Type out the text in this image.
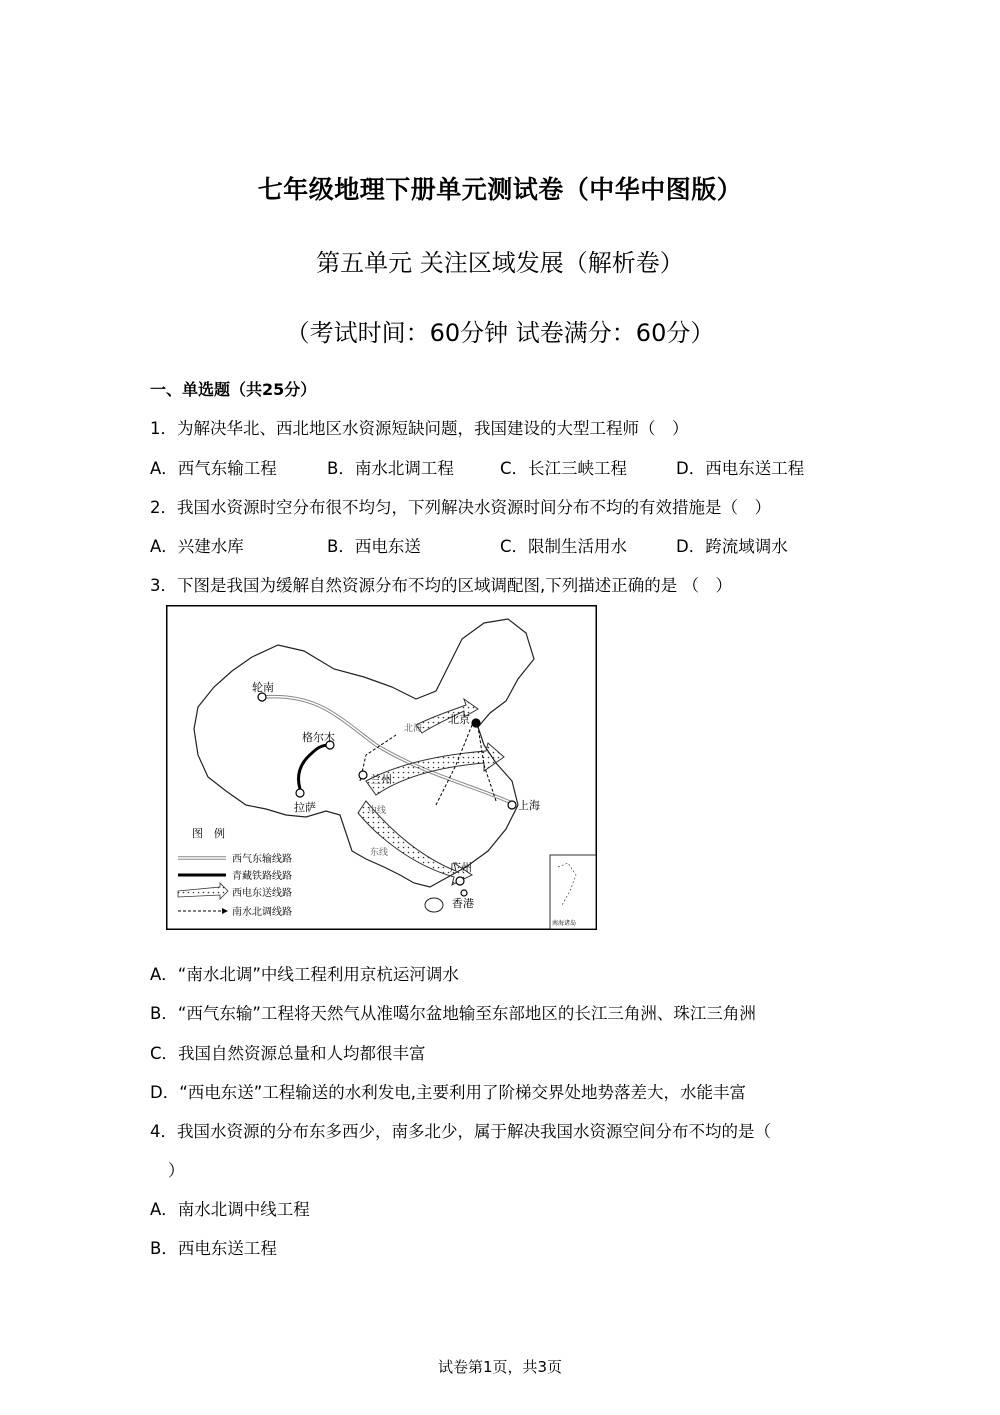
七年级地理下册单元测试卷（中华中图版）
第五单元 关注区域发展（解析卷）
（考试时间：60分钟 试卷满分：60分）
一、单选题（共25分）
1．为解决华北、西北地区水资源短缺问题，我国建设的大型工程师（　）
A．西气东输工程	B．南水北调工程	C．长江三峡工程	D．西电东送工程
2．我国水资源时空分布很不均匀，下列解决水资源时间分布不均的有效措施是（　）
A．兴建水库	B．西电东送	C．限制生活用水	D．跨流域调水
3．下图是我国为缓解自然资源分布不均的区域调配图,下列描述正确的是 （　）
轮南
北京
格尔木
兰州
拉萨	上海
广州
香港
北海
中线
东线
图　例
西气东输线路
青藏铁路线路
西电东送线路
南水北调线路
南海诸岛
A．“南水北调”中线工程利用京杭运河调水
B．“西气东输”工程将天然气从准噶尔盆地输至东部地区的长江三角洲、珠江三角洲
C．我国自然资源总量和人均都很丰富
D．“西电东送”工程输送的水利发电,主要利用了阶梯交界处地势落差大，水能丰富
4．我国水资源的分布东多西少，南多北少，属于解决我国水资源空间分布不均的是（
）
A．南水北调中线工程
B．西电东送工程
试卷第1页，共3页
